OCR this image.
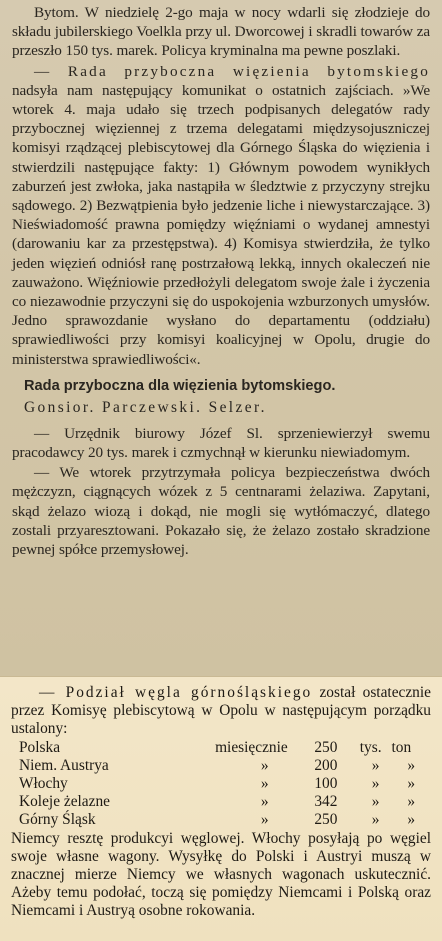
Bytom. W niedzielę 2-go maja w nocy wdarli się złodzieje do składu jubilerskiego Voelkla przy ul. Dworcowej i skradli towarów za przeszło 150 tys. marek. Policya kryminalna ma pewne poszlaki.

— Rada przyboczna więzienia bytomskiego nadsyła nam następujący komunikat o ostatnich zajściach. »We wtorek 4. maja udało się trzech podpisanych delegatów rady przybocznej więziennej z trzema delegatami międzysojuszniczej komisyi rządzącej plebiscytowej dla Górnego Śląska do więzienia i stwierdzili następujące fakty: 1) Głównym powodem wynikłych zaburzeń jest zwłoka, jaka nastąpiła w śledztwie z przyczyny strejku sądowego. 2) Bezwątpienia było jedzenie liche i niewystarczające. 3) Nieświadomość prawna pomiędzy więźniami o wydanej amnestyi (darowaniu kar za przestępstwa). 4) Komisya stwierdziła, że tylko jeden więzień odniósł ranę postrzałową lekką, innych okaleczeń nie zauważono. Więźniowie przedłożyli delegatom swoje żale i życzenia co niezawodnie przyczyni się do uspokojenia wzburzonych umysłów. Jedno sprawozdanie wysłano do departamentu (oddziału) sprawiedliwości przy komisyi koalicyjnej w Opolu, drugie do ministerstwa sprawiedliwości«.

Rada przyboczna dla więzienia bytomskiego.
Gonsior. Parczewski. Selzer.

— Urzędnik biurowy Józef Sl. sprzeniewierzył swemu pracodawcy 20 tys. marek i czmychnął w kierunku niewiadomym.

— We wtorek przytrzymała policya bezpieczeństwa dwóch mężczyzn, ciągnących wózek z 5 centnarami żelaziwa. Zapytani, skąd żelazo wiozą i dokąd, nie mogli się wytłómaczyć, dlatego zostali przyaresztowani. Pokazało się, że żelazo zostało skradzione pewnej spółce przemysłowej.

— Podział węgla górnośląskiego został ostatecznie przez Komisyę plebiscytową w Opolu w następującym porządku ustalony:

Polska	miesięcznie	250	tys.	ton
Niem. Austrya	»	200	»	»
Włochy	»	100	»	»
Koleje żelazne	»	342	»	»
Górny Śląsk	»	250	»	»

Niemcy resztę produkcyi węglowej. Włochy posyłają po węgiel swoje własne wagony. Wysyłkę do Polski i Austryi muszą w znacznej mierze Niemcy we własnych wagonach uskutecznić. Ażeby temu podołać, toczą się pomiędzy Niemcami i Polską oraz Niemcami i Austryą osobne rokowania.
